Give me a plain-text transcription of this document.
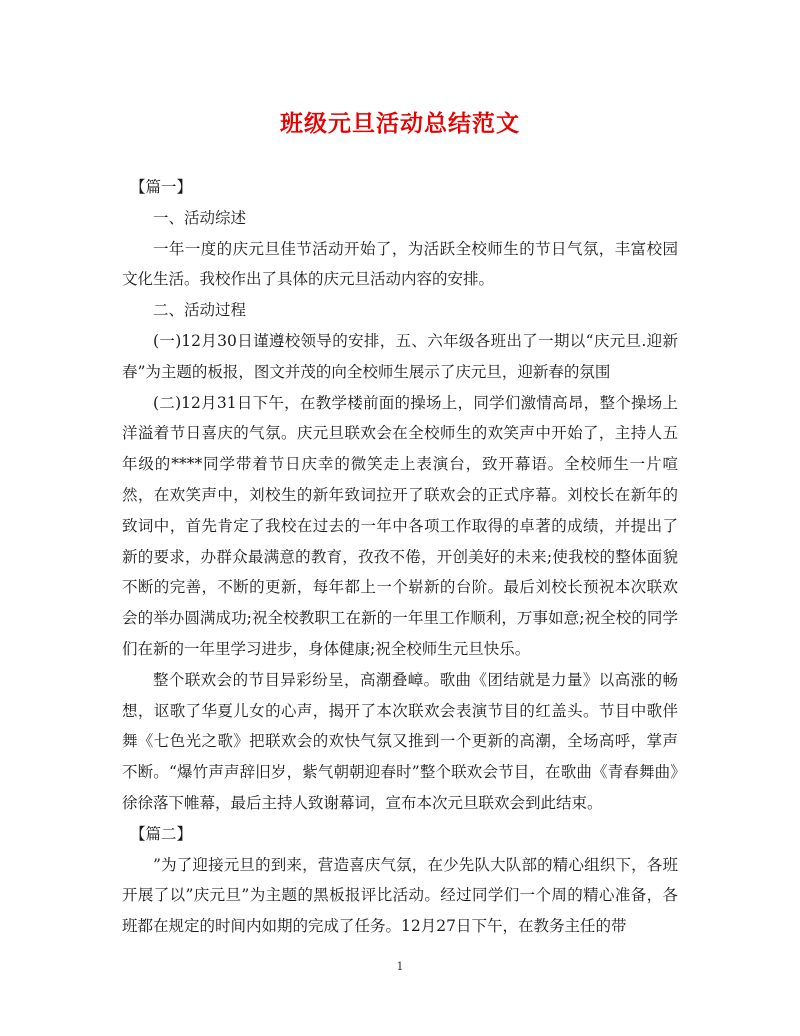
班级元旦活动总结范文

【篇一】

一、活动综述

一年一度的庆元旦佳节活动开始了，为活跃全校师生的节日气氛，丰富校园文化生活。我校作出了具体的庆元旦活动内容的安排。

二、活动过程

(一)12月30日谨遵校领导的安排，五、六年级各班出了一期以“庆元旦.迎新春”为主题的板报，图文并茂的向全校师生展示了庆元旦，迎新春的氛围

(二)12月31日下午，在教学楼前面的操场上，同学们激情高昂，整个操场上洋溢着节日喜庆的气氛。庆元旦联欢会在全校师生的欢笑声中开始了，主持人五年级的****同学带着节日庆幸的微笑走上表演台，致开幕语。全校师生一片喧然，在欢笑声中，刘校生的新年致词拉开了联欢会的正式序幕。刘校长在新年的致词中，首先肯定了我校在过去的一年中各项工作取得的卓著的成绩，并提出了新的要求，办群众最满意的教育，孜孜不倦，开创美好的未来;使我校的整体面貌不断的完善，不断的更新，每年都上一个崭新的台阶。最后刘校长预祝本次联欢会的举办圆满成功;祝全校教职工在新的一年里工作顺利，万事如意;祝全校的同学们在新的一年里学习进步，身体健康;祝全校师生元旦快乐。

整个联欢会的节目异彩纷呈，高潮叠嶂。歌曲《团结就是力量》以高涨的畅想，讴歌了华夏儿女的心声，揭开了本次联欢会表演节目的红盖头。节目中歌伴舞《七色光之歌》把联欢会的欢快气氛又推到一个更新的高潮，全场高呼，掌声不断。“爆竹声声辞旧岁，紫气朝朝迎春时”整个联欢会节目，在歌曲《青春舞曲》徐徐落下帷幕，最后主持人致谢幕词，宣布本次元旦联欢会到此结束。

【篇二】

”为了迎接元旦的到来，营造喜庆气氛，在少先队大队部的精心组织下，各班开展了以”庆元旦”为主题的黑板报评比活动。经过同学们一个周的精心准备，各班都在规定的时间内如期的完成了任务。12月27日下午，在教务主任的带

1
